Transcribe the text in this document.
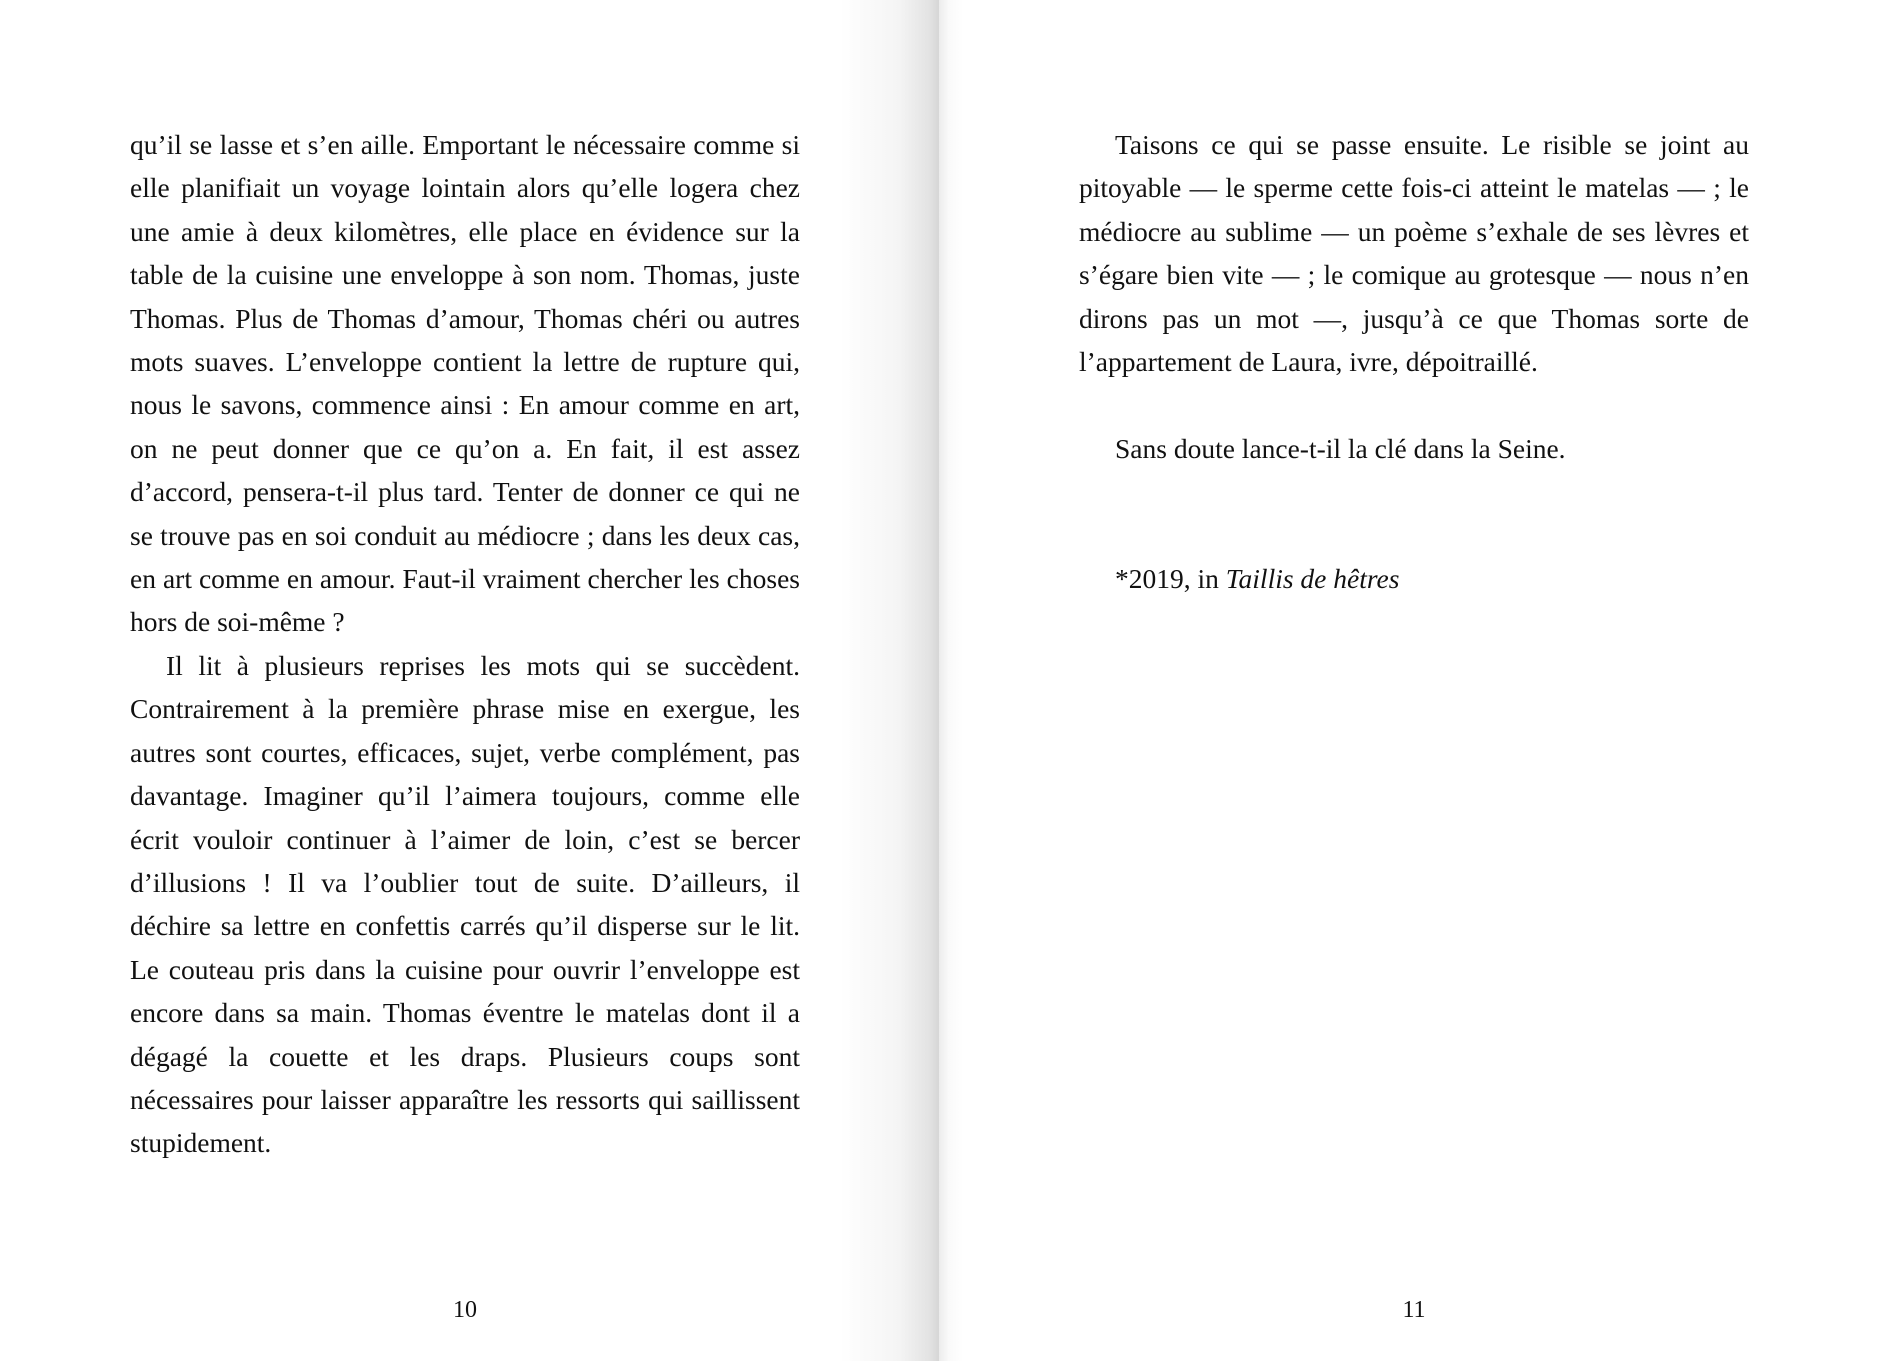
qu’il se lasse et s’en aille. Emportant le nécessaire comme si elle planifiait un voyage lointain alors qu’elle logera chez une amie à deux kilomètres, elle place en évidence sur la table de la cuisine une enveloppe à son nom. Thomas, juste Thomas. Plus de Thomas d’amour, Thomas chéri ou autres mots suaves. L’enveloppe contient la lettre de rupture qui, nous le savons, commence ainsi : En amour comme en art, on ne peut donner que ce qu’on a. En fait, il est assez d’accord, pensera-t-il plus tard. Tenter de donner ce qui ne se trouve pas en soi conduit au médiocre ; dans les deux cas, en art comme en amour. Faut-il vraiment chercher les choses hors de soi-même ?

Il lit à plusieurs reprises les mots qui se succèdent. Contrairement à la première phrase mise en exergue, les autres sont courtes, efficaces, sujet, verbe complément, pas davantage. Imaginer qu’il l’aimera toujours, comme elle écrit vouloir continuer à l’aimer de loin, c’est se bercer d’illusions ! Il va l’oublier tout de suite. D’ailleurs, il déchire sa lettre en confettis carrés qu’il disperse sur le lit. Le couteau pris dans la cuisine pour ouvrir l’enveloppe est encore dans sa main. Thomas éventre le matelas dont il a dégagé la couette et les draps. Plusieurs coups sont nécessaires pour laisser apparaître les ressorts qui saillissent stupidement.

10

Taisons ce qui se passe ensuite. Le risible se joint au pitoyable — le sperme cette fois-ci atteint le matelas — ; le médiocre au sublime — un poème s’exhale de ses lèvres et s’égare bien vite — ; le comique au grotesque — nous n’en dirons pas un mot —, jusqu’à ce que Thomas sorte de l’appartement de Laura, ivre, dépoitraillé.

Sans doute lance-t-il la clé dans la Seine.

*2019, in Taillis de hêtres

11
